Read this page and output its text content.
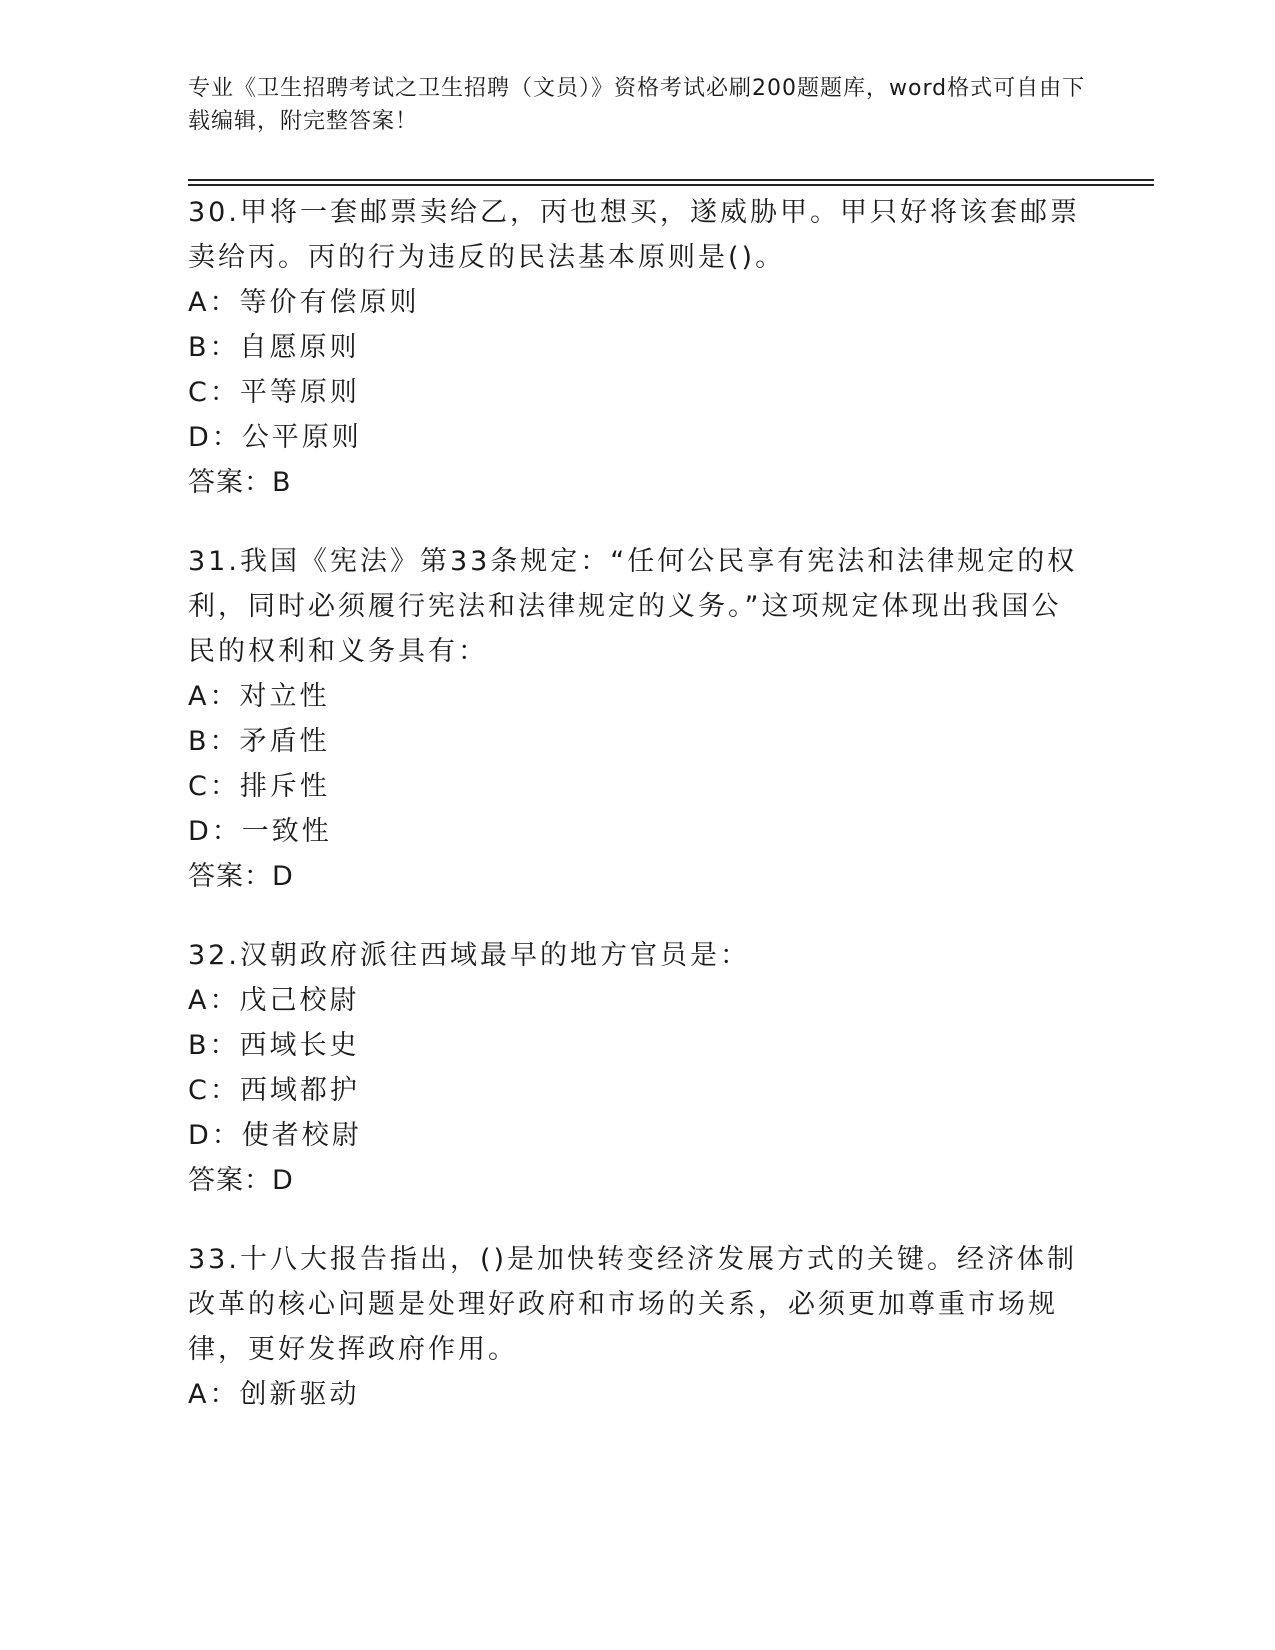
专业《卫生招聘考试之卫生招聘（文员）》资格考试必刷200题题库，word格式可自由下载编辑，附完整答案！

30.甲将一套邮票卖给乙，丙也想买，遂威胁甲。甲只好将该套邮票卖给丙。丙的行为违反的民法基本原则是()。

A：等价有偿原则

B：自愿原则

C：平等原则

D：公平原则

答案：B

31.我国《宪法》第33条规定：“任何公民享有宪法和法律规定的权利，同时必须履行宪法和法律规定的义务。”这项规定体现出我国公民的权利和义务具有：

A：对立性

B：矛盾性

C：排斥性

D：一致性

答案：D

32.汉朝政府派往西域最早的地方官员是：

A：戊己校尉

B：西域长史

C：西域都护

D：使者校尉

答案：D

33.十八大报告指出，()是加快转变经济发展方式的关键。经济体制改革的核心问题是处理好政府和市场的关系，必须更加尊重市场规律，更好发挥政府作用。

A：创新驱动
